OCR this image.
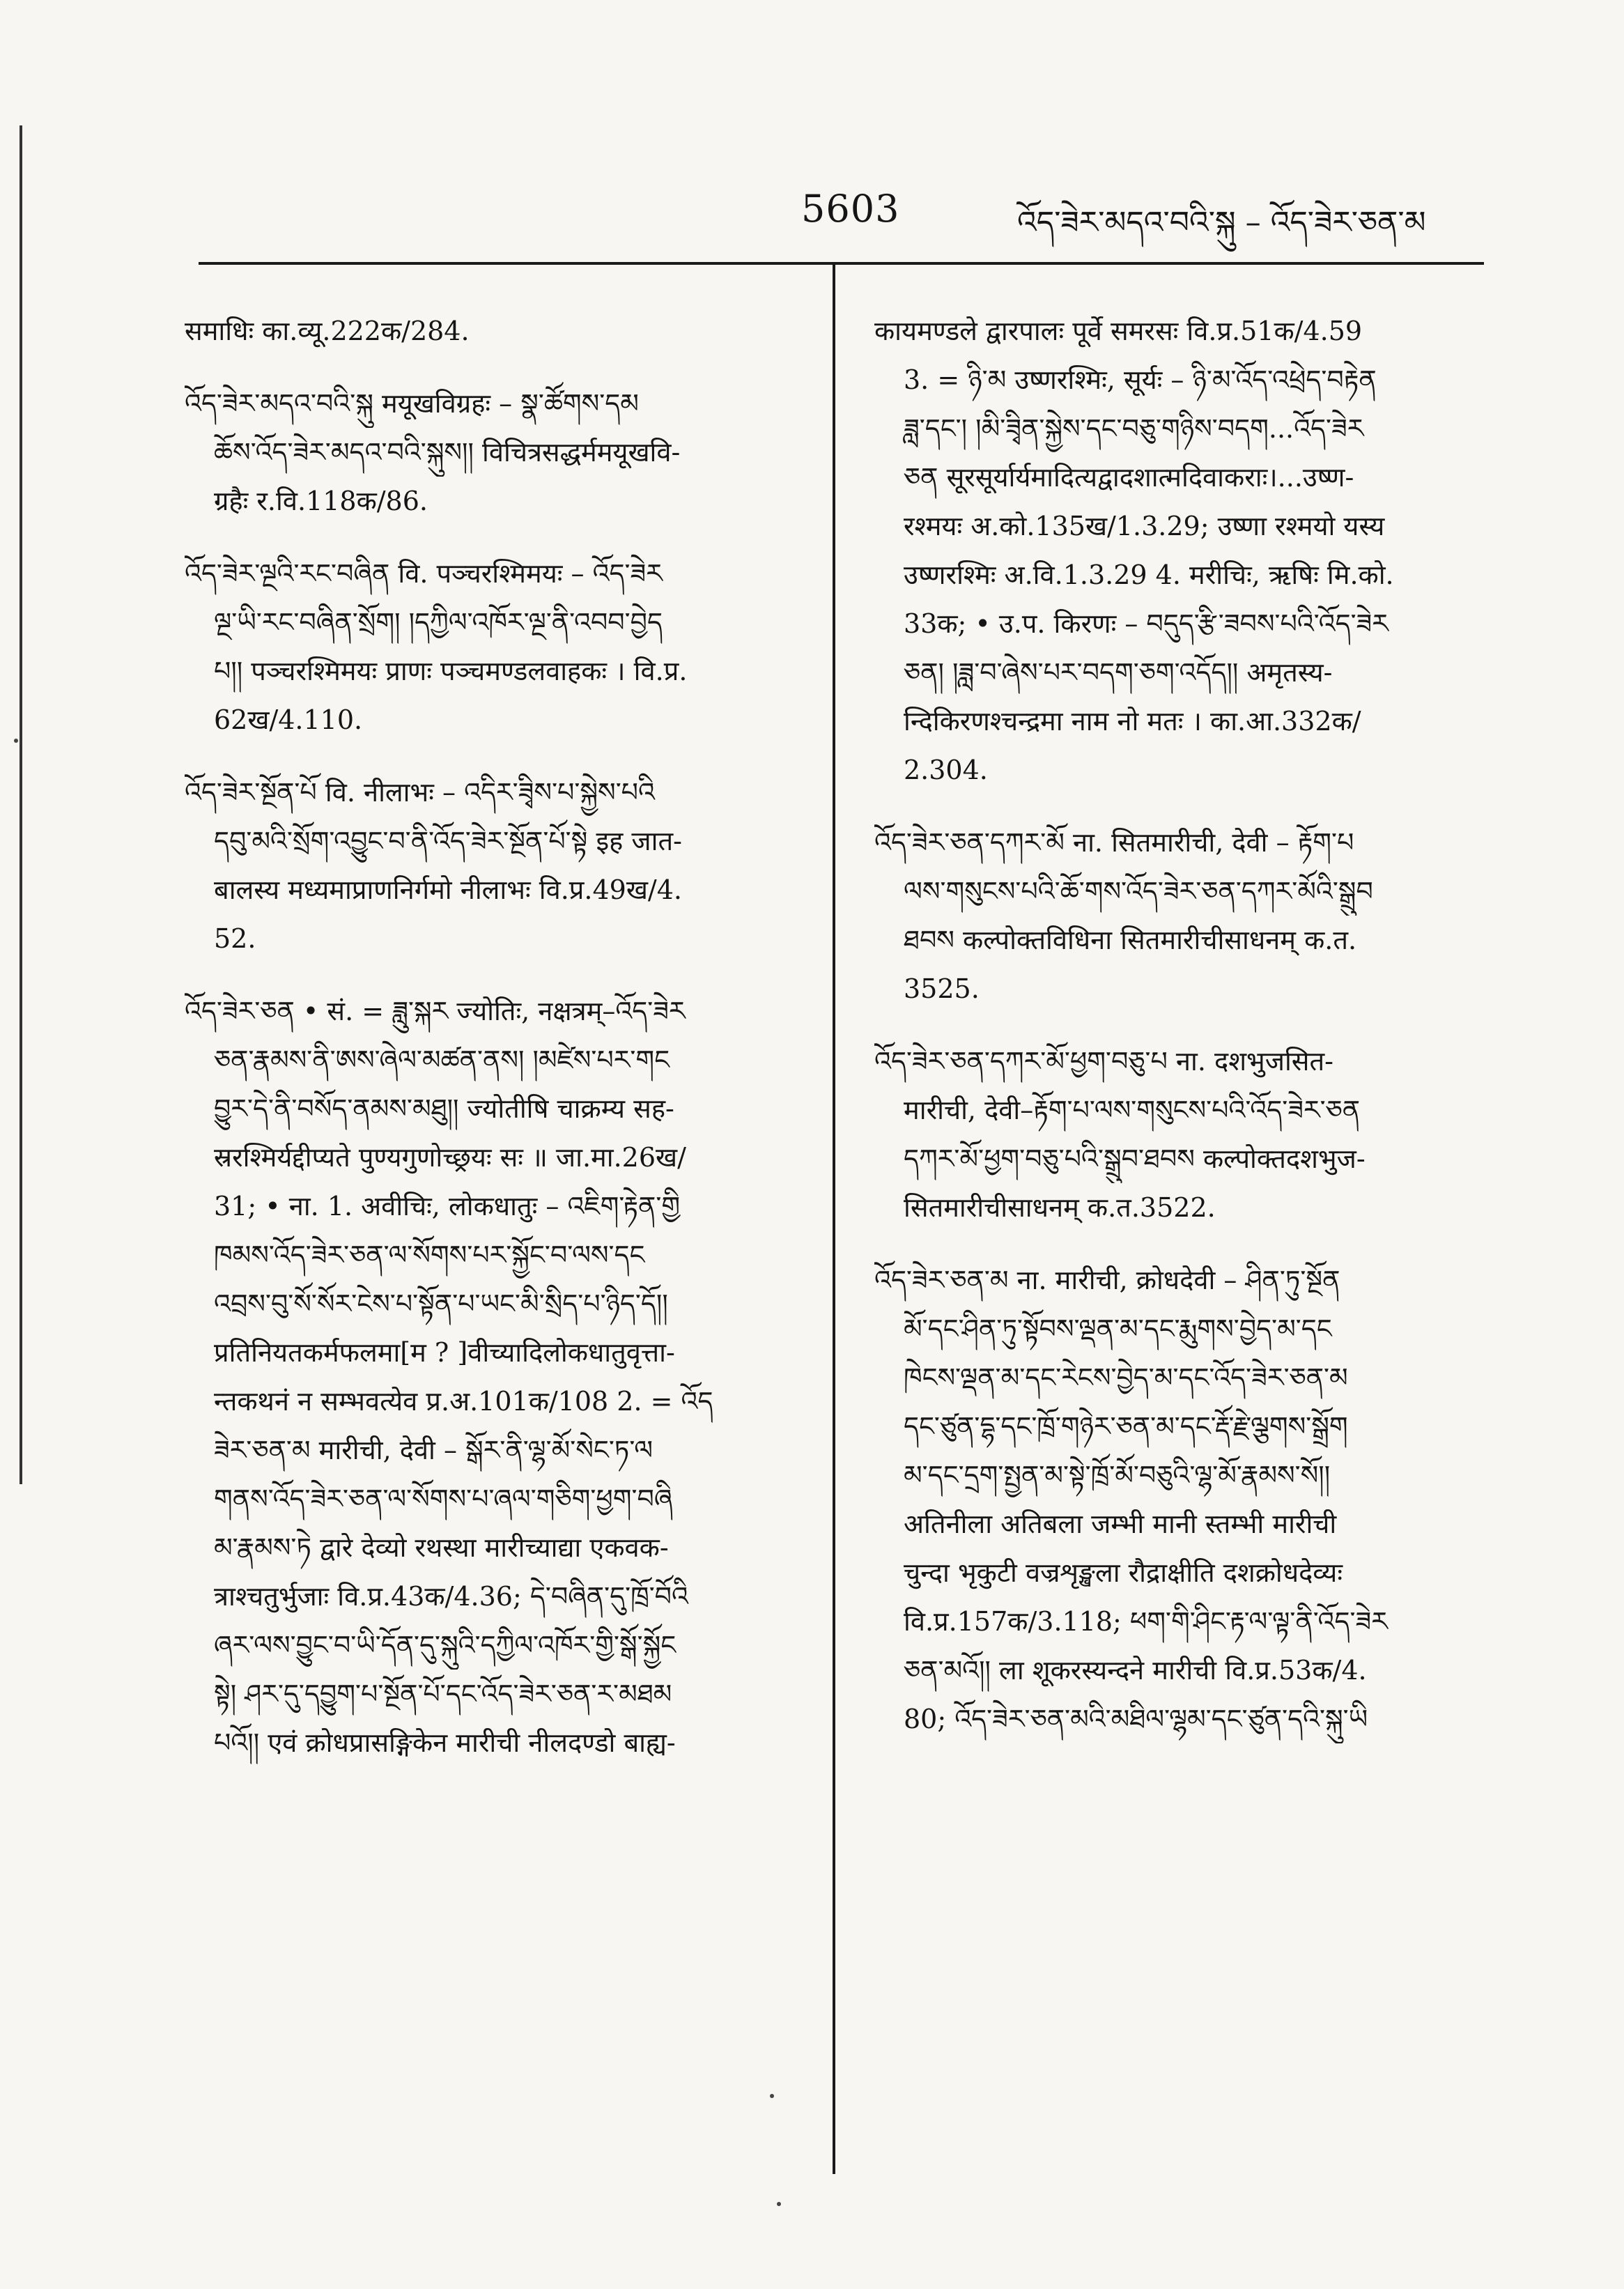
5603	འོད་ཟེར་མདའ་བའི་སྐུ – འོད་ཟེར་ཅན་མ
समाधिः का.व्यू.222क/284.
འོད་ཟེར་མདའ་བའི་སྐུ मयूखविग्रहः – སྣ་ཚོགས་དམ
ཆོས་འོད་ཟེར་མདའ་བའི་སྐུས།། विचित्रसद्धर्ममयूखवि-
ग्रहैः र.वि.118क/86.
འོད་ཟེར་ལྔའི་རང་བཞིན वि. पञ्चरश्मिमयः – འོད་ཟེར
ལྔ་ཡི་རང་བཞིན་སྲོག། །དཀྱིལ་འཁོར་ལྔ་ནི་འབབ་བྱེད
པ།། पञ्चरश्मिमयः प्राणः पञ्चमण्डलवाहकः । वि.प्र.
62ख/4.110.
འོད་ཟེར་སྔོན་པོ वि. नीलाभः – འདིར་ཟྭིས་པ་སྐྱེས་པའི
དབུ་མའི་སྲོག་འབྱུང་བ་ནི་འོད་ཟེར་སྔོན་པོ་སྟེ इह जात-
बालस्य मध्यमाप्राणनिर्गमो नीलाभः वि.प्र.49ख/4.
52.
འོད་ཟེར་ཅན • सं. = ཟླུ་སྐར ज्योतिः, नक्षत्रम्–འོད་ཟེར
ཅན་རྣམས་ནི་ཨས་ཞེལ་མཚན་ནས། །མཛེས་པར་གང
བྱུར་དེ་ནི་བསོད་ནམས་མཐུ།། ज्योतीषि चाक्रम्य सह-
स्ररश्मिर्यद्दीप्यते पुण्यगुणोच्छ्रयः सः ॥ जा.मा.26ख/
31; • ना. 1. अवीचिः, लोकधातुः – འཇིག་རྟེན་གྱི
ཁམས་འོད་ཟེར་ཅན་ལ་སོགས་པར་སྐྱོང་བ་ལས་དང
འབྲས་བུ་སོ་སོར་ངེས་པ་སྟོན་པ་ཡང་མི་སྲིད་པ་ཉིད་དོ།།
प्रतिनियतकर्मफलमा[म ? ]वीच्यादिलोकधातुवृत्ता-
न्तकथनं न सम्भवत्येव प्र.अ.101क/108 2. = འོད
ཟེར་ཅན་མ मारीची, देवी – སྒོར་ནི་ལྷ་མོ་སེང་ཏ་ལ
གནས་འོད་ཟེར་ཅན་ལ་སོགས་པ་ཞལ་གཅིག་ཕྱག་བཞི
མ་རྣམས་ཏེ द्वारे देव्यो रथस्था मारीच्याद्या एकवक-
त्राश्चतुर्भुजाः वि.प्र.43क/4.36; དེ་བཞིན་དུ་ཁྲོ་བོའི
ཞར་ལས་བྱུང་བ་ཡི་དོན་དུ་སྐུའི་དཀྱིལ་འཁོར་གྱི་སྒོ་སྐྱོང
སྟེ། ཤར་དུ་དབྱུག་པ་སྔོན་པོ་དང་འོད་ཟེར་ཅན་ར་མཐམ
པའོ།། एवं क्रोधप्रासङ्गिकेन मारीची नीलदण्डो बाह्य-
कायमण्डले द्वारपालः पूर्वे समरसः वि.प्र.51क/4.59
3. = ཉི་མ उष्णरश्मिः, सूर्यः – ཉི་མ་འོད་འཕྲེད་བརྟེན
ཟླ་དང་། །མི་ཟྭིན་སྐྱེས་དང་བཅུ་གཉིས་བདག...འོད་ཟེར
ཅན सूरसूर्यार्यमादित्यद्वादशात्मदिवाकराः।...उष्ण-
रश्मयः अ.को.135ख/1.3.29; उष्णा रश्मयो यस्य
उष्णरश्मिः अ.वि.1.3.29 4. मरीचिः, ऋषिः मि.को.
33क; • उ.प. किरणः – བདུད་རྩི་ཟབས་པའི་འོད་ཟེར
ཅན། །ཟླ་བ་ཞེས་པར་བདག་ཅག་འདོད།། अमृतस्य-
न्दिकिरणश्चन्द्रमा नाम नो मतः । का.आ.332क/
2.304.
འོད་ཟེར་ཅན་དཀར་མོ ना. सितमारीची, देवी – རྟོག་པ
ལས་གསུངས་པའི་ཆོ་གས་འོད་ཟེར་ཅན་དཀར་མོའི་སྒྲུབ
ཐབས कल्पोक्तविधिना सितमारीचीसाधनम् क.त.
3525.
འོད་ཟེར་ཅན་དཀར་མོ་ཕྱག་བཅུ་པ ना. दशभुजसित-
मारीची, देवी–རྟོག་པ་ལས་གསུངས་པའི་འོད་ཟེར་ཅན
དཀར་མོ་ཕྱག་བཅུ་པའི་སྒྲུབ་ཐབས कल्पोक्तदशभुज-
सितमारीचीसाधनम् क.त.3522.
འོད་ཟེར་ཅན་མ ना. मारीची, क्रोधदेवी – ཤིན་ཏུ་སྔོན
མོ་དང་ཤིན་ཏུ་སྟོབས་ལྡན་མ་དང་རྨུགས་བྱེད་མ་དང
ཁེངས་ལྡན་མ་དང་རེངས་བྱེད་མ་དང་འོད་ཟེར་ཅན་མ
དང་ཙུན་དྷ་དང་ཁྲོ་གཉེར་ཅན་མ་དང་རྡོ་རྗེ་ལྕགས་སྒྲོག
མ་དང་དྲག་སྤྱན་མ་སྟེ་ཁྲོ་མོ་བཅུའི་ལྷ་མོ་རྣམས་སོ།།
अतिनीला अतिबला जम्भी मानी स्तम्भी मारीची
चुन्दा भृकुटी वज्रशृङ्खला रौद्राक्षीति दशक्रोधदेव्यः
वि.प्र.157क/3.118; ཕག་གི་ཤིང་རྟ་ལ་ལྟ་ནི་འོད་ཟེར
ཅན་མའོ།། ला शूकरस्यन्दने मारीची वि.प्र.53क/4.
80; འོད་ཟེར་ཅན་མའི་མཐིལ་ལྷམ་དང་ཙུན་དའི་སྐུ་ཡི
